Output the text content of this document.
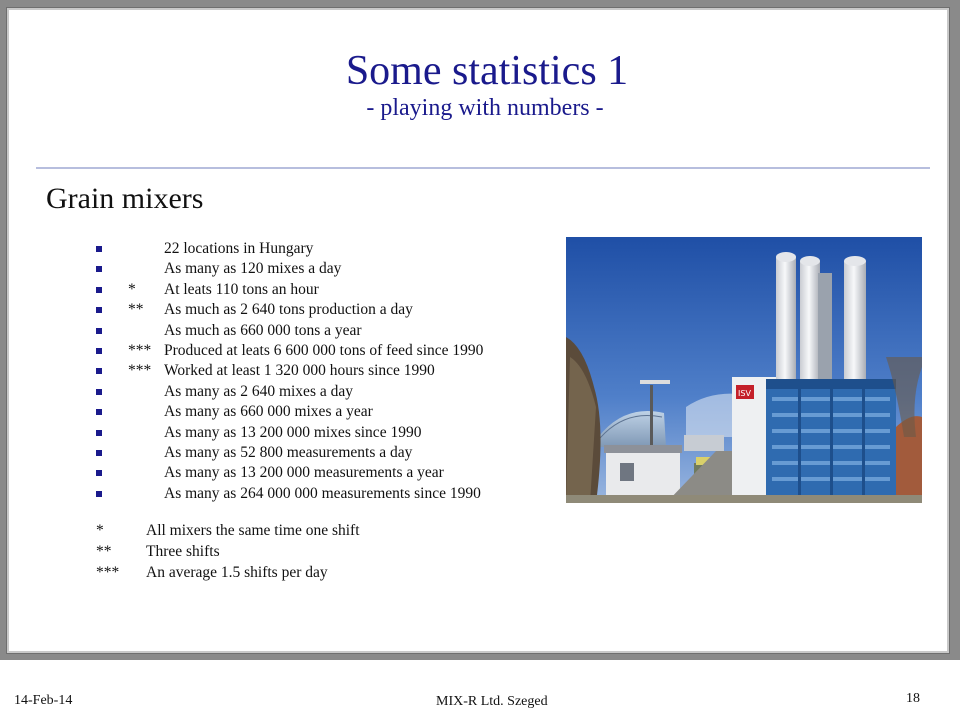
Some statistics 1
- playing with numbers -
Grain mixers
22 locations in Hungary
As many as 120 mixes a day
* At leats 110 tons an hour
** As much as 2 640 tons production a day
As much as 660 000 tons a year
*** Produced at leats 6 600 000 tons of feed since 1990
*** Worked at least 1 320 000 hours since 1990
As many as 2 640 mixes a day
As many as 660 000 mixes a year
As many as 13 200 000 mixes since 1990
As many as 52 800 measurements a day
As many as 13 200 000 measurements a year
As many as 264 000 000 measurements since 1990
*	All mixers the same time one shift
** Three shifts
*** An average 1.5 shifts per day
ISV
14-Feb-14	MIX-R Ltd. Szeged	18
